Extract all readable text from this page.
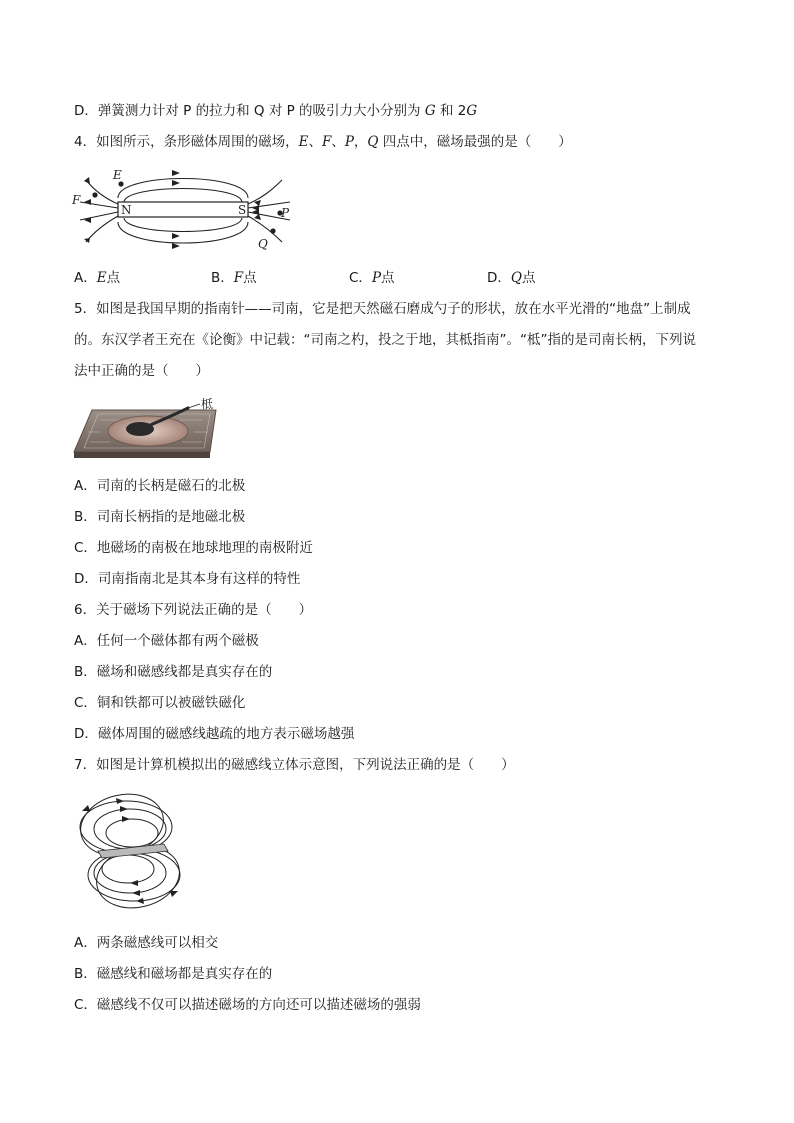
D．弹簧测力计对 P 的拉力和 Q 对 P 的吸引力大小分别为 G 和 2G
4．如图所示，条形磁体周围的磁场，E、F、P，Q 四点中，磁场最强的是（　　）
N	S
E
F
P
Q
A．E点	B．F点	C．P点	D．Q点
5．如图是我国早期的指南针——司南，它是把天然磁石磨成勺子的形状，放在水平光滑的“地盘”上制成
的。东汉学者王充在《论衡》中记载：“司南之杓，投之于地，其柢指南”。“柢”指的是司南长柄，下列说
法中正确的是（　　）
柢
A．司南的长柄是磁石的北极
B．司南长柄指的是地磁北极
C．地磁场的南极在地球地理的南极附近
D．司南指南北是其本身有这样的特性
6．关于磁场下列说法正确的是（　　）
A．任何一个磁体都有两个磁极
B．磁场和磁感线都是真实存在的
C．铜和铁都可以被磁铁磁化
D．磁体周围的磁感线越疏的地方表示磁场越强
7．如图是计算机模拟出的磁感线立体示意图，下列说法正确的是（　　）
A．两条磁感线可以相交
B．磁感线和磁场都是真实存在的
C．磁感线不仅可以描述磁场的方向还可以描述磁场的强弱
